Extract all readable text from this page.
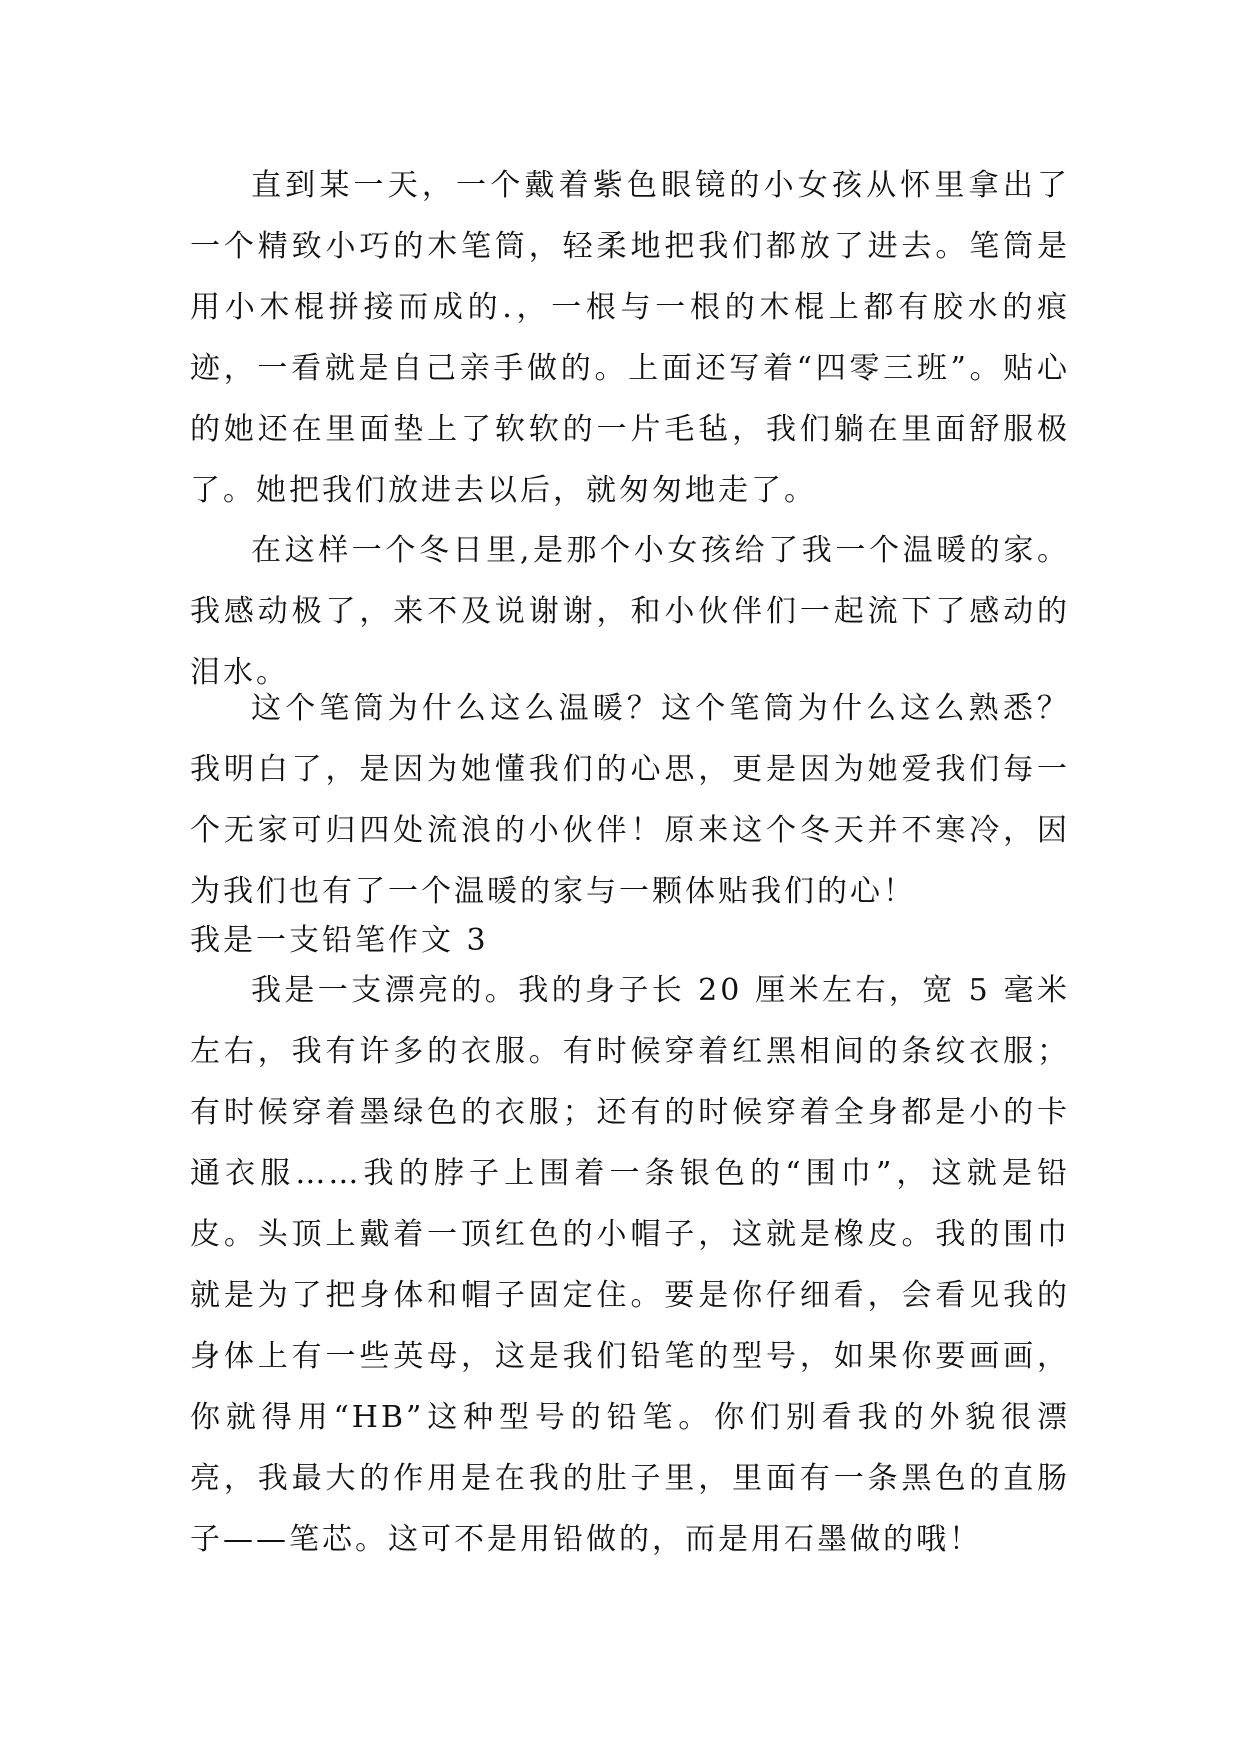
直到某一天，一个戴着紫色眼镜的小女孩从怀里拿出了一个精致小巧的木笔筒，轻柔地把我们都放了进去。笔筒是用小木棍拼接而成的.，一根与一根的木棍上都有胶水的痕迹，一看就是自己亲手做的。上面还写着“四零三班”。贴心的她还在里面垫上了软软的一片毛毡，我们躺在里面舒服极了。她把我们放进去以后，就匆匆地走了。

在这样一个冬日里,是那个小女孩给了我一个温暖的家。我感动极了，来不及说谢谢，和小伙伴们一起流下了感动的泪水。

这个笔筒为什么这么温暖？这个笔筒为什么这么熟悉？我明白了，是因为她懂我们的心思，更是因为她爱我们每一个无家可归四处流浪的小伙伴！原来这个冬天并不寒冷，因为我们也有了一个温暖的家与一颗体贴我们的心！

我是一支铅笔作文 3

我是一支漂亮的。我的身子长 20 厘米左右，宽 5 毫米左右，我有许多的衣服。有时候穿着红黑相间的条纹衣服；有时候穿着墨绿色的衣服；还有的时候穿着全身都是小的卡通衣服……我的脖子上围着一条银色的“围巾”，这就是铅皮。头顶上戴着一顶红色的小帽子，这就是橡皮。我的围巾就是为了把身体和帽子固定住。要是你仔细看，会看见我的身体上有一些英母，这是我们铅笔的型号，如果你要画画，你就得用“HB”这种型号的铅笔。你们别看我的外貌很漂亮，我最大的作用是在我的肚子里，里面有一条黑色的直肠子——笔芯。这可不是用铅做的，而是用石墨做的哦！
